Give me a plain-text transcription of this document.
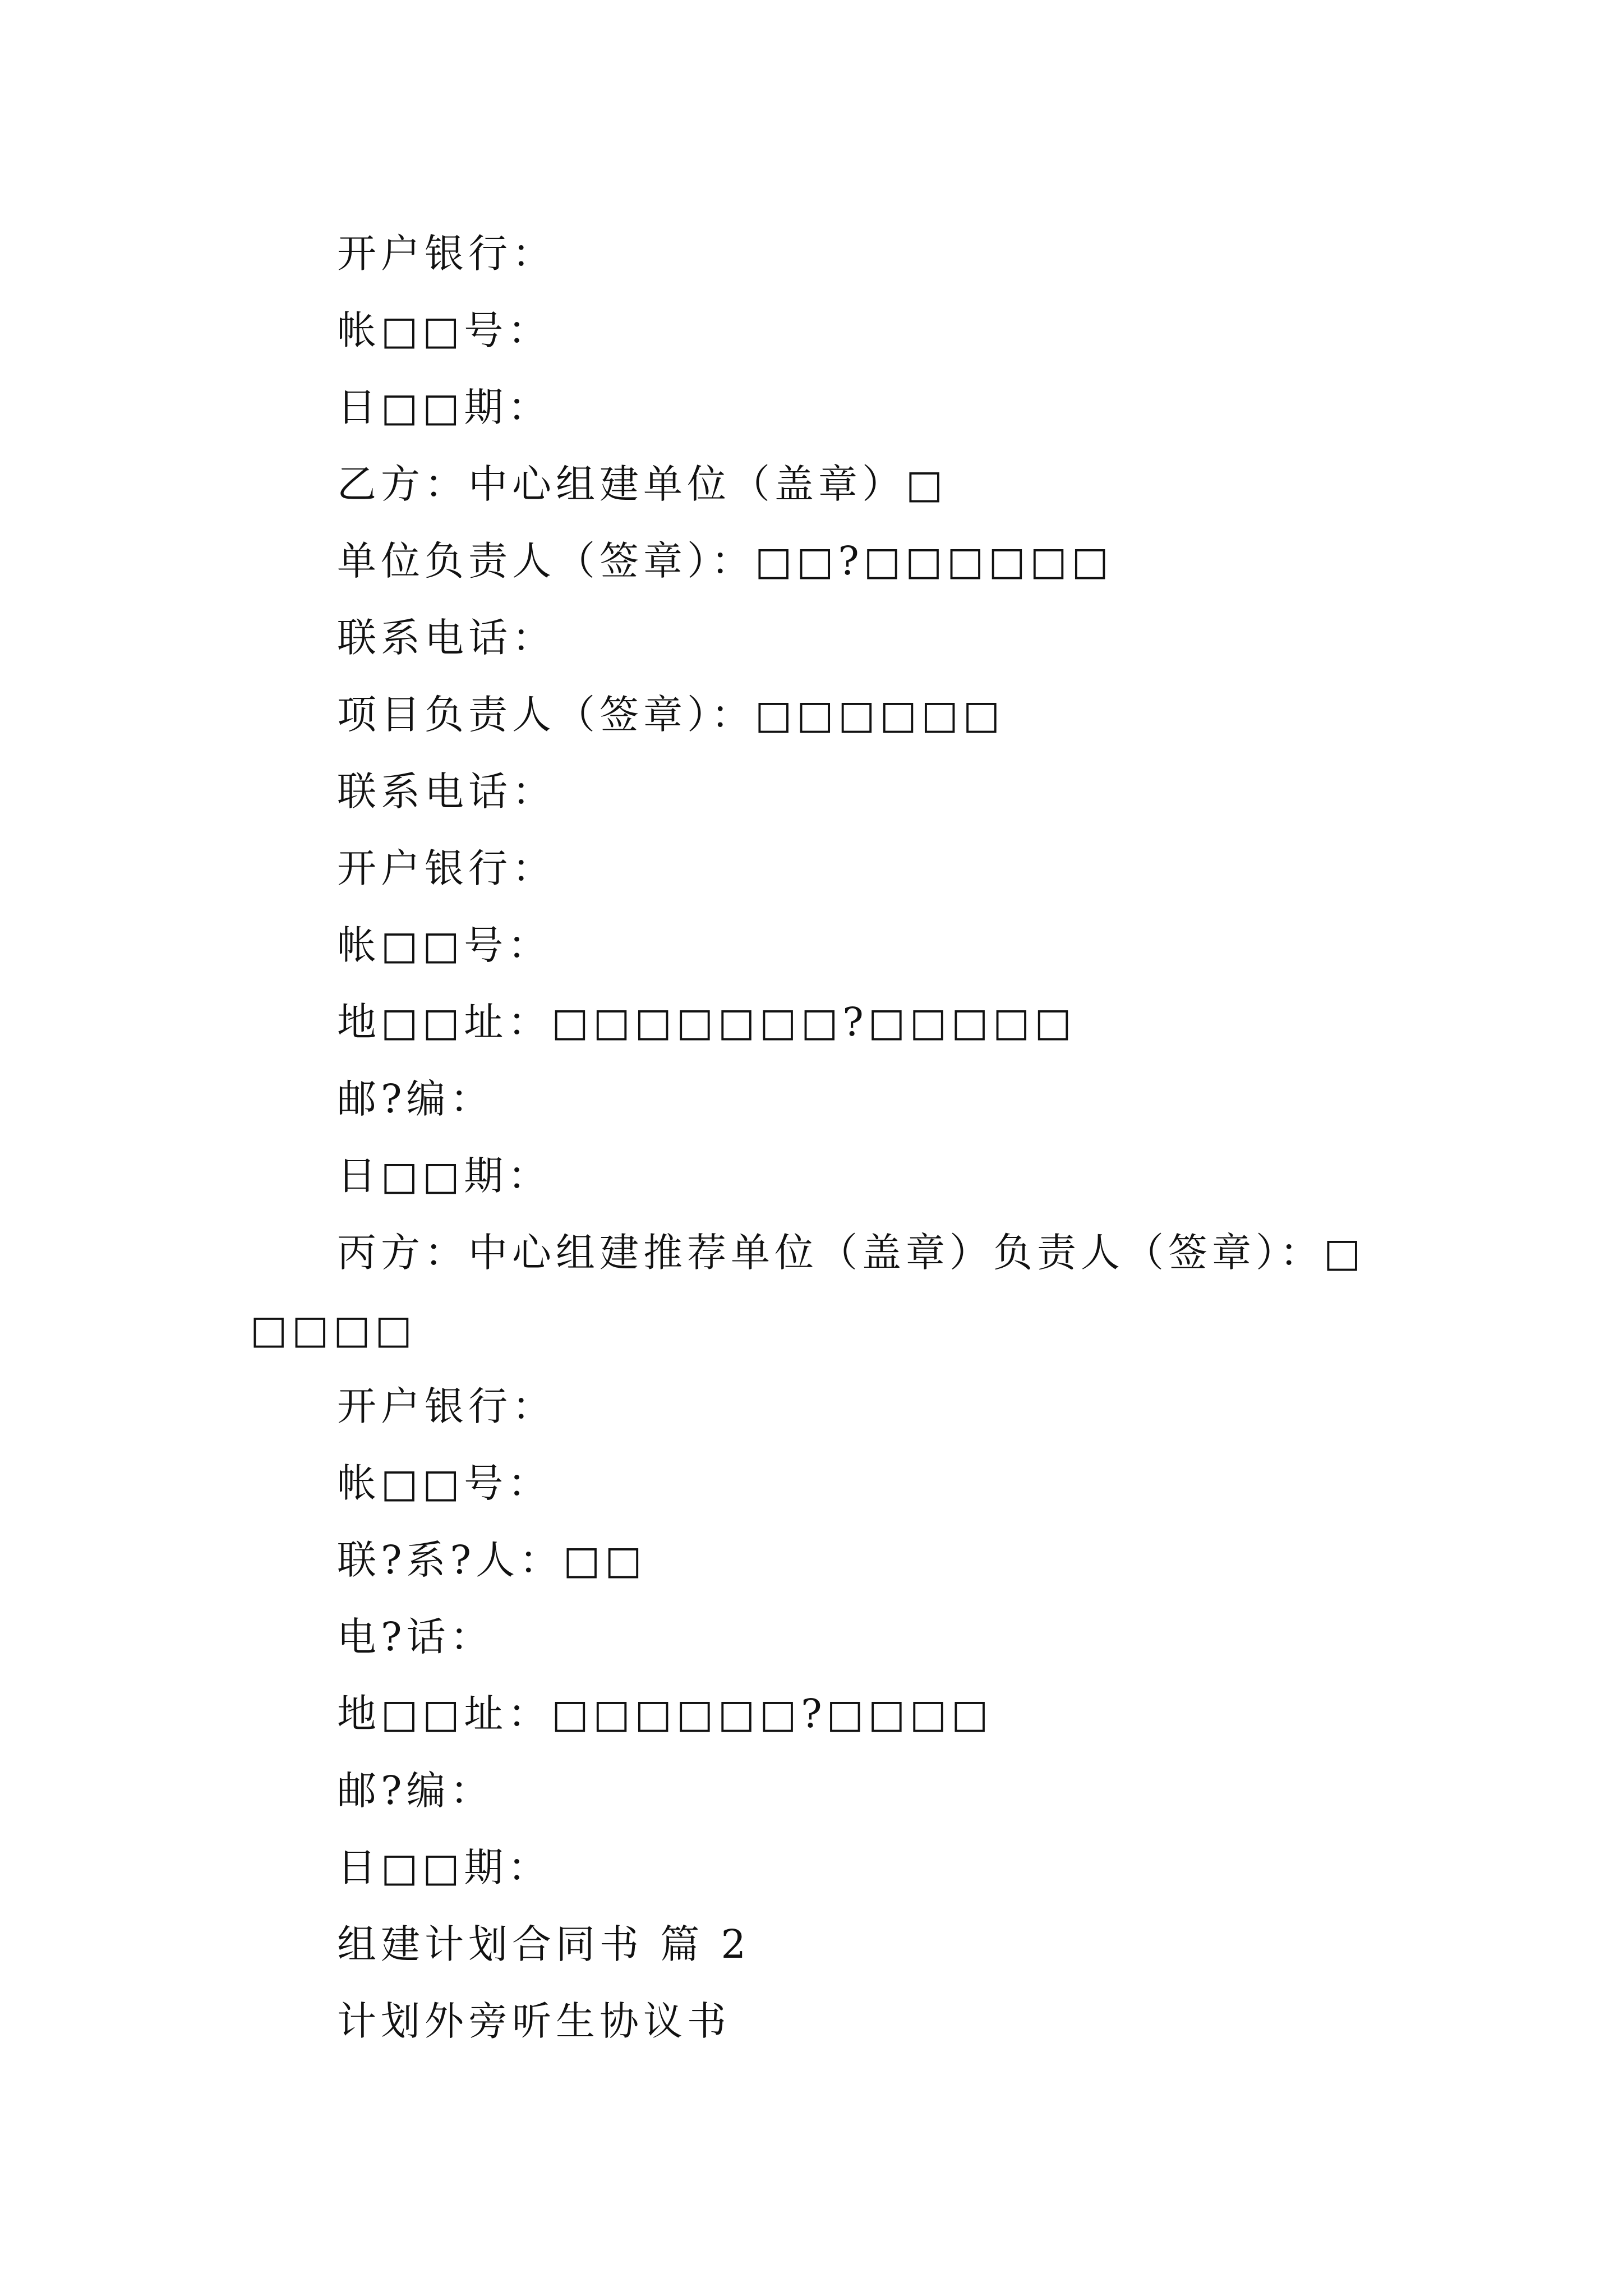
开户银行：
帐□□号：
日□□期：
乙方：中心组建单位（盖章）□
单位负责人（签章）：□□?□□□□□□
联系电话：
项目负责人（签章）：□□□□□□
联系电话：
开户银行：
帐□□号：
地□□址：□□□□□□□?□□□□□
邮?编：
日□□期：
丙方：中心组建推荐单位（盖章）负责人（签章）：□□□□□
开户银行：
帐□□号：
联?系?人：□□
电?话：
地□□址：□□□□□□?□□□□
邮?编：
日□□期：
组建计划合同书 篇 2
计划外旁听生协议书
